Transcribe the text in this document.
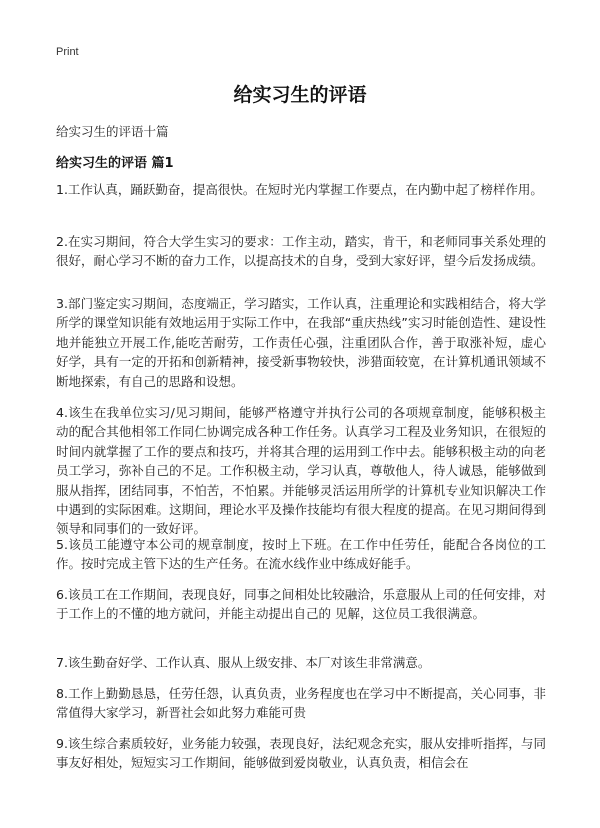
Print
给实习生的评语
给实习生的评语十篇
给实习生的评语 篇1
1.工作认真，踊跃勤奋，提高很快。在短时光内掌握工作要点，在内勤中起了榜样作用。
2.在实习期间，符合大学生实习的要求：工作主动，踏实，肯干，和老师同事关系处理的很好，耐心学习不断的奋力工作，以提高技术的自身，受到大家好评，望今后发扬成绩。
3.部门鉴定实习期间，态度端正，学习踏实，工作认真，注重理论和实践相结合，将大学所学的课堂知识能有效地运用于实际工作中，在我部“重庆热线”实习时能创造性、建设性地并能独立开展工作,能吃苦耐劳，工作责任心强，注重团队合作，善于取涨补短，虚心好学，具有一定的开拓和创新精神，接受新事物较快，涉猎面较宽，在计算机通讯领域不断地探索，有自己的思路和设想。
4.该生在我单位实习/见习期间，能够严格遵守并执行公司的各项规章制度，能够积极主动的配合其他相邻工作同仁协调完成各种工作任务。认真学习工程及业务知识，在很短的时间内就掌握了工作的要点和技巧，并将其合理的运用到工作中去。能够积极主动的向老员工学习，弥补自己的不足。工作积极主动，学习认真，尊敬他人，待人诚恳，能够做到服从指挥，团结同事，不怕苦，不怕累。并能够灵活运用所学的计算机专业知识解决工作中遇到的实际困难。这期间，理论水平及操作技能均有很大程度的提高。在见习期间得到领导和同事们的一致好评。
5.该员工能遵守本公司的规章制度，按时上下班。在工作中任劳任，能配合各岗位的工作。按时完成主管下达的生产任务。在流水线作业中练成好能手。
6.该员工在工作期间，表现良好，同事之间相处比较融洽，乐意服从上司的任何安排，对于工作上的不懂的地方就问，并能主动提出自己的 见解，这位员工我很满意。
7.该生勤奋好学、工作认真、服从上级安排、本厂对该生非常满意。
8.工作上勤勤恳恳，任劳任怨，认真负责，业务程度也在学习中不断提高，关心同事，非常值得大家学习，新晋社会如此努力难能可贵
9.该生综合素质较好，业务能力较强，表现良好，法纪观念充实，服从安排听指挥，与同事友好相处，短短实习工作期间，能够做到爱岗敬业，认真负责，相信会在
